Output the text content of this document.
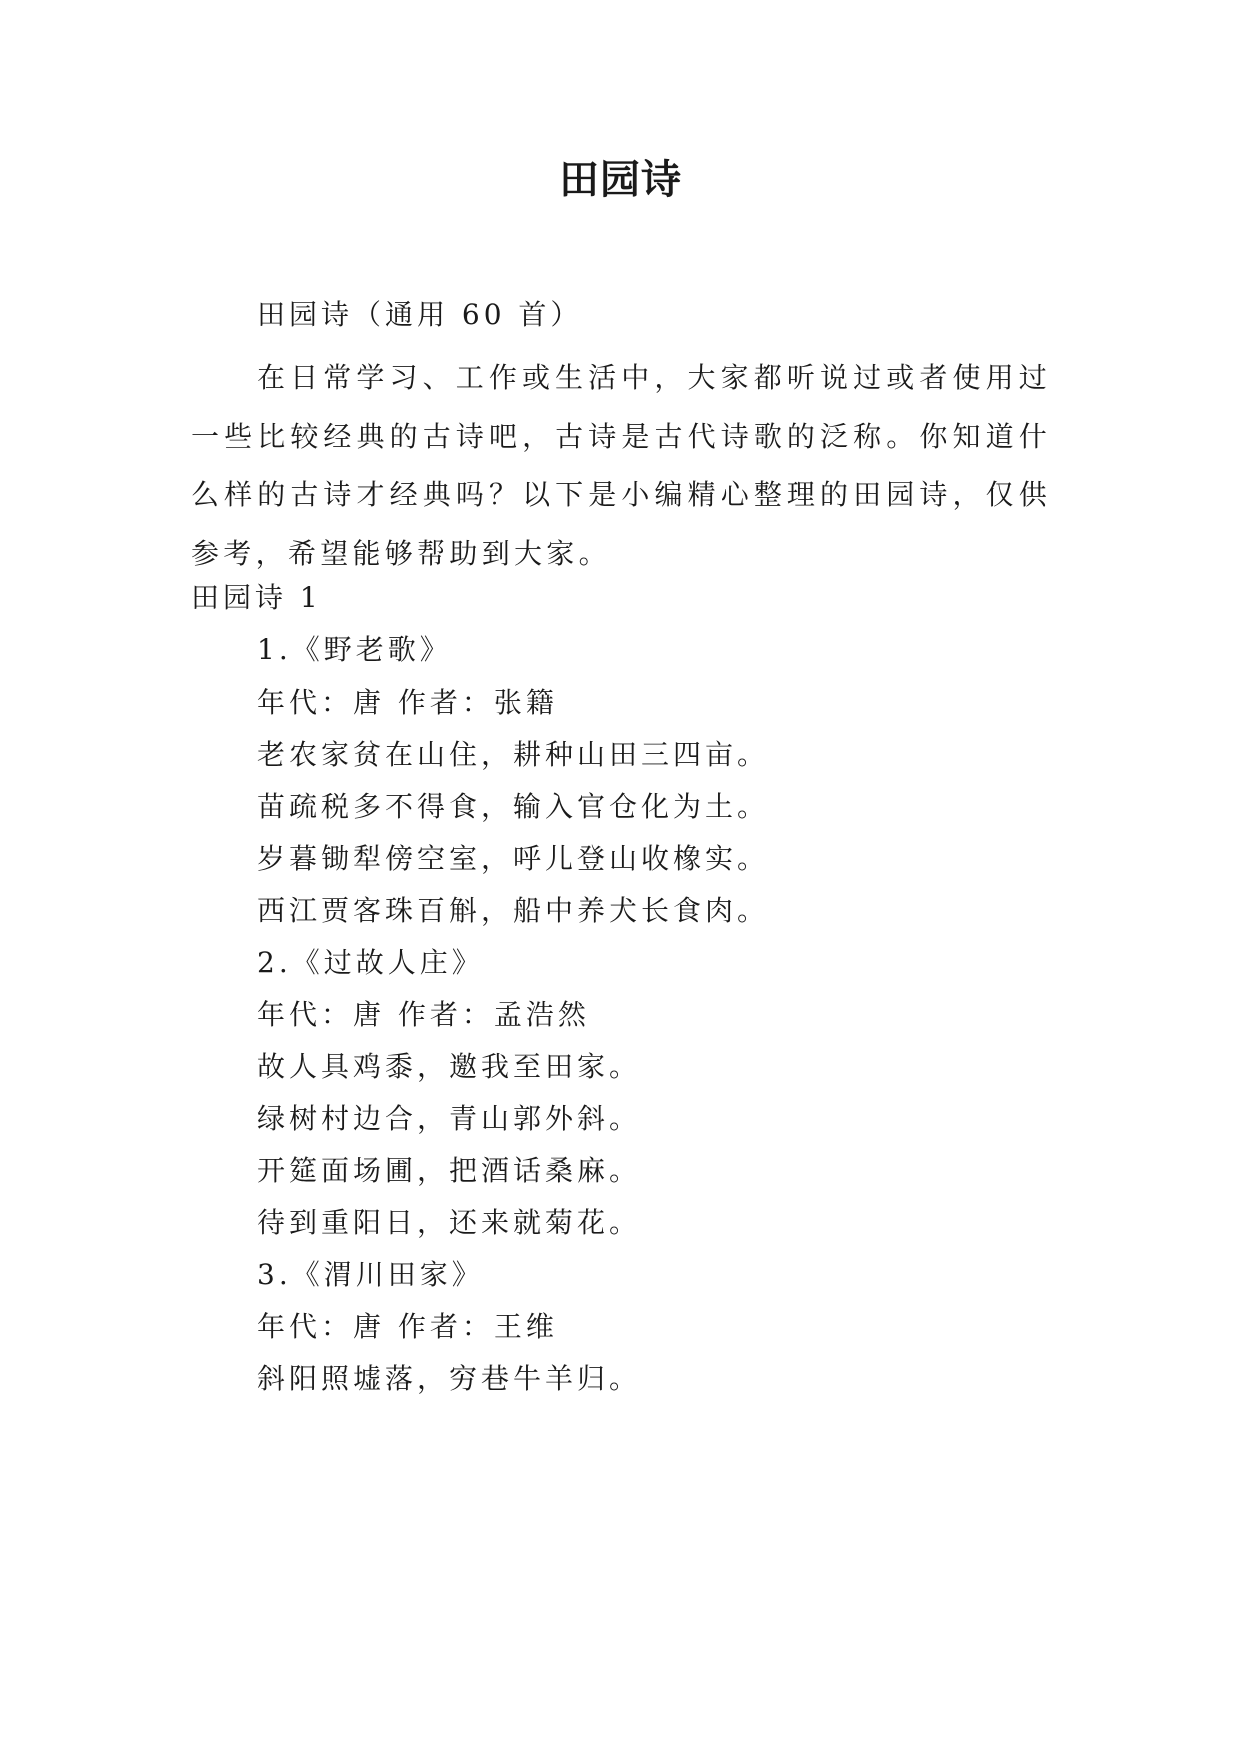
田园诗

田园诗（通用 60 首）

在日常学习、工作或生活中，大家都听说过或者使用过一些比较经典的古诗吧，古诗是古代诗歌的泛称。你知道什么样的古诗才经典吗？以下是小编精心整理的田园诗，仅供参考，希望能够帮助到大家。

田园诗 1

1.《野老歌》

年代：唐 作者：张籍

老农家贫在山住，耕种山田三四亩。

苗疏税多不得食，输入官仓化为土。

岁暮锄犁傍空室，呼儿登山收橡实。

西江贾客珠百斛，船中养犬长食肉。

2.《过故人庄》

年代：唐 作者：孟浩然

故人具鸡黍，邀我至田家。

绿树村边合，青山郭外斜。

开筵面场圃，把酒话桑麻。

待到重阳日，还来就菊花。

3.《渭川田家》

年代：唐 作者：王维

斜阳照墟落，穷巷牛羊归。
